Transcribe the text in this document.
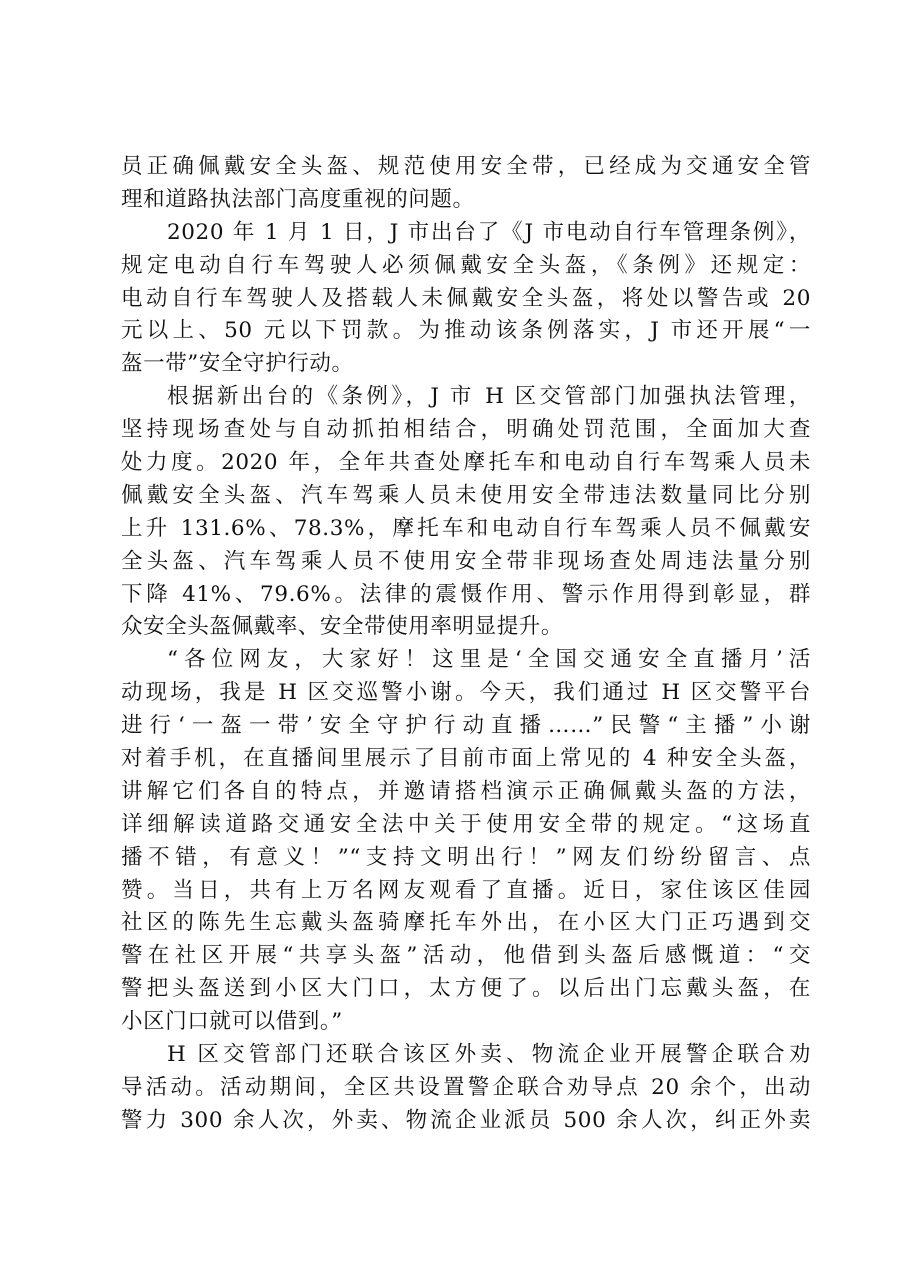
员正确佩戴安全头盔、规范使用安全带，已经成为交通安全管
理和道路执法部门高度重视的问题。
2020 年 1 月 1 日，J 市出台了《J 市电动自行车管理条例》，
规定电动自行车驾驶人必须佩戴安全头盔，《条例》还规定：
电动自行车驾驶人及搭载人未佩戴安全头盔，将处以警告或 20
元以上、50 元以下罚款。为推动该条例落实，J 市还开展“一
盔一带”安全守护行动。
根据新出台的《条例》，J 市 H 区交管部门加强执法管理，
坚持现场查处与自动抓拍相结合，明确处罚范围，全面加大查
处力度。2020 年，全年共查处摩托车和电动自行车驾乘人员未
佩戴安全头盔、汽车驾乘人员未使用安全带违法数量同比分别
上升 131.6%、78.3%，摩托车和电动自行车驾乘人员不佩戴安
全头盔、汽车驾乘人员不使用安全带非现场查处周违法量分别
下降 41%、79.6%。法律的震慑作用、警示作用得到彰显，群
众安全头盔佩戴率、安全带使用率明显提升。
“各位网友，大家好！这里是‘全国交通安全直播月’活
动现场，我是 H 区交巡警小谢。今天，我们通过 H 区交警平台
进行‘一盔一带’安全守护行动直播……”民警“主播”小谢
对着手机，在直播间里展示了目前市面上常见的 4 种安全头盔，
讲解它们各自的特点，并邀请搭档演示正确佩戴头盔的方法，
详细解读道路交通安全法中关于使用安全带的规定。“这场直
播不错，有意义！”“支持文明出行！”网友们纷纷留言、点
赞。当日，共有上万名网友观看了直播。近日，家住该区佳园
社区的陈先生忘戴头盔骑摩托车外出，在小区大门正巧遇到交
警在社区开展“共享头盔”活动，他借到头盔后感慨道：“交
警把头盔送到小区大门口，太方便了。以后出门忘戴头盔，在
小区门口就可以借到。”
H 区交管部门还联合该区外卖、物流企业开展警企联合劝
导活动。活动期间，全区共设置警企联合劝导点 20 余个，出动
警力 300 余人次，外卖、物流企业派员 500 余人次，纠正外卖
